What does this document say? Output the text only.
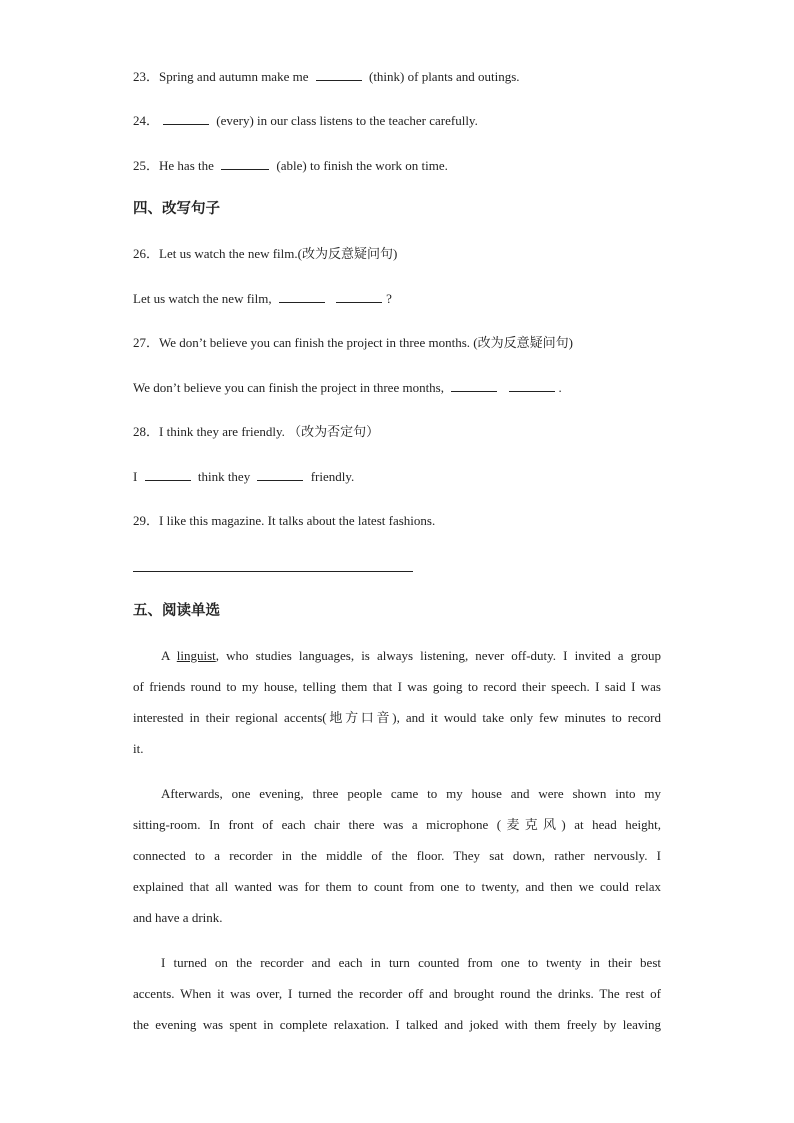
23．Spring and autumn make me	(think) of plants and outings.
24．	(every) in our class listens to the teacher carefully.
25．He has the	(able) to finish the work on time.
四、改写句子
26．Let us watch the new film.(改为反意疑问句)
Let us watch the new film,	?
27．We don’t believe you can finish the project in three months. (改为反意疑问句)
We don’t believe you can finish the project in three months,	.
28．I think they are friendly. （改为否定句）
I	think they	friendly.
29．I like this magazine. It talks about the latest fashions.
五、阅读单选
A linguist, who studies languages, is always listening, never off-duty. I invited a group
of friends round to my house, telling them that I was going to record their speech. I said I was
interested in their regional accents(地方口音), and it would take only few minutes to record
it.
Afterwards, one evening, three people came to my house and were shown into my
sitting-room. In front of each chair there was a microphone (麦克风) at head height,
connected to a recorder in the middle of the floor. They sat down, rather nervously. I
explained that all wanted was for them to count from one to twenty, and then we could relax
and have a drink.
I turned on the recorder and each in turn counted from one to twenty in their best
accents. When it was over, I turned the recorder off and brought round the drinks. The rest of
the evening was spent in complete relaxation. I talked and joked with them freely by leaving
